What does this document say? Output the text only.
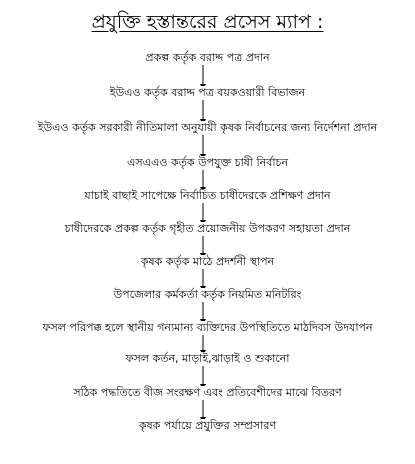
প্রযুক্তি হস্তান্তরের প্রসেস ম্যাপ :
প্রকল্প কর্তৃক বরাদ্দ পত্র প্রদান
ইউএও কর্তৃক বরাদ্দ পত্র বয়কওয়ারী বিভাজন
ইউএও কর্তৃক সরকারী নীতিমালা অনুযায়ী কৃষক নির্বাচনের জন্য নির্দেশনা প্রদান
এসএএও কর্তৃক উপযুক্ত চাষী নির্বাচন
যাচাই বাছাই সাপেক্ষে নির্বাচিত চাষীদেরকে প্রশিক্ষণ প্রদান
চাষীদেরকে প্রকল্প কর্তৃক গৃহীত প্রয়োজনীয় উপকরণ সহায়তা প্রদান
কৃষক কর্তৃক মাঠে প্রদর্শনী স্থাপন
উপজেলার কর্মকর্তা কর্তৃক নিয়মিত মনিটরিং
ফসল পরিপক্ক হলে স্থানীয় গন্যমান্য ব্যক্তিদের উপস্থিতিতে মাঠদিবস উদযাপন
ফসল কর্তন, মাড়াই,ঝাড়াই ও শুকানো
সঠিক পদ্ধতিতে বীজ সংরক্ষণ এবং প্রতিবেশীদের মাঝে বিতরণ
কৃষক পর্যায়ে প্রযুক্তির সম্প্রসারণ
